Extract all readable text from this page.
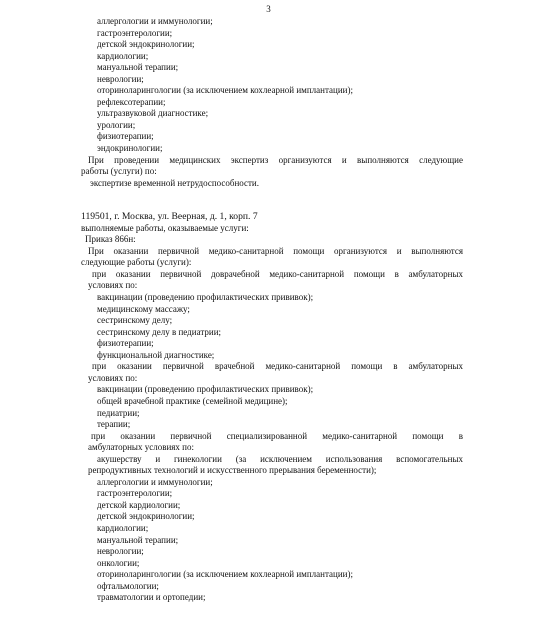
3
аллергологии и иммунологии;
гастроэнтерологии;
детской эндокринологии;
кардиологии;
мануальной терапии;
неврологии;
оториноларингологии (за исключением кохлеарной имплантации);
рефлексотерапии;
ультразвуковой диагностике;
урологии;
физиотерапии;
эндокринологии;
При проведении медицинских экспертиз организуются и выполняются следующие
работы (услуги) по:
экспертизе временной нетрудоспособности.
119501, г. Москва, ул. Веерная, д. 1, корп. 7
выполняемые работы, оказываемые услуги:
Приказ 866н:
При оказании первичной медико-санитарной помощи организуются и выполняются
следующие работы (услуги):
при оказании первичной доврачебной медико-санитарной помощи в амбулаторных
условиях по:
вакцинации (проведению профилактических прививок);
медицинскому массажу;
сестринскому делу;
сестринскому делу в педиатрии;
физиотерапии;
функциональной диагностике;
при оказании первичной врачебной медико-санитарной помощи в амбулаторных
условиях по:
вакцинации (проведению профилактических прививок);
общей врачебной практике (семейной медицине);
педиатрии;
терапии;
при оказании первичной специализированной медико-санитарной помощи в
амбулаторных условиях по:
акушерству и гинекологии (за исключением использования вспомогательных
репродуктивных технологий и искусственного прерывания беременности);
аллергологии и иммунологии;
гастроэнтерологии;
детской кардиологии;
детской эндокринологии;
кардиологии;
мануальной терапии;
неврологии;
онкологии;
оториноларингологии (за исключением кохлеарной имплантации);
офтальмологии;
травматологии и ортопедии;
